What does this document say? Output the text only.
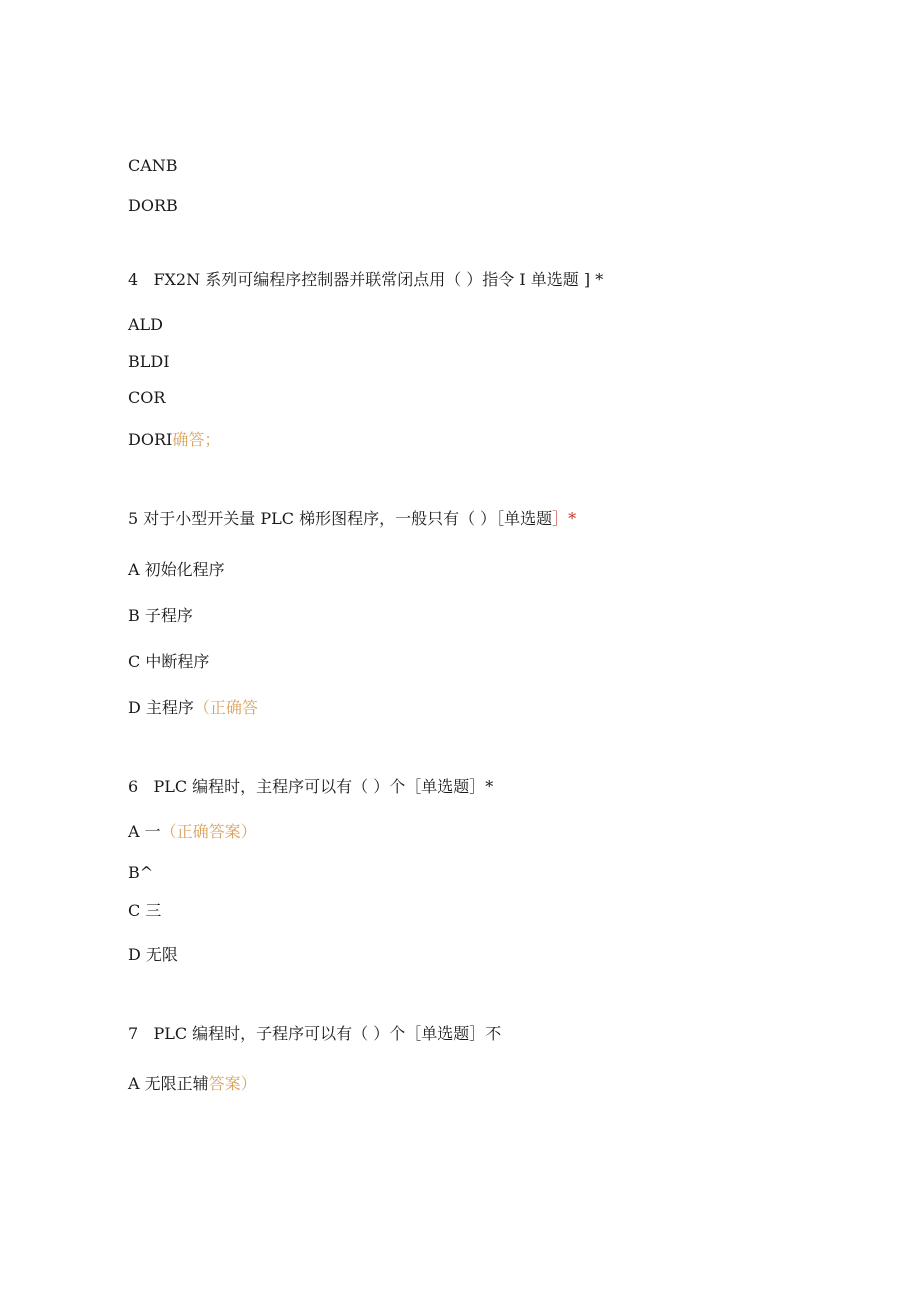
CANB
DORB
4   FX2N 系列可编程序控制器并联常闭点用（ ）指令 I 单选题 ] *
ALD
BLDI
COR
DORI确答；
5 对于小型开关量 PLC 梯形图程序，一般只有（ ）［单选题］*
A 初始化程序
B 子程序
C 中断程序
D 主程序（正确答
6   PLC 编程时，主程序可以有（ ）个［单选题］*
A 一（正确答案）
B^
C 三
D 无限
7   PLC 编程时，子程序可以有（ ）个［单选题］不
A 无限正辅答案）
